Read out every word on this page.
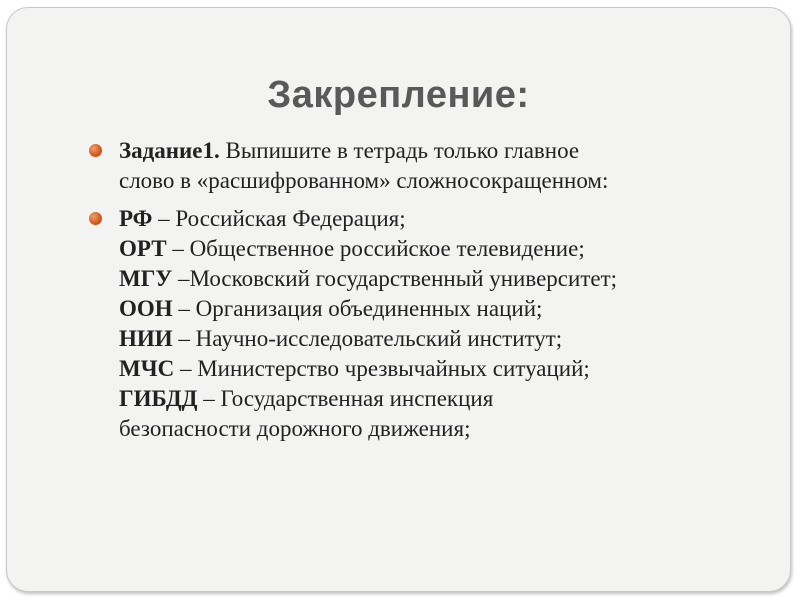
Закрепление:
Задание1. Выпишите в тетрадь только главное
слово в «расшифрованном» сложносокращенном:
РФ – Российская Федерация;
ОРТ – Общественное российское телевидение;
МГУ –Московский государственный университет;
ООН – Организация объединенных наций;
НИИ – Научно-исследовательский институт;
МЧС – Министерство чрезвычайных ситуаций;
ГИБДД – Государственная инспекция
безопасности дорожного движения;
